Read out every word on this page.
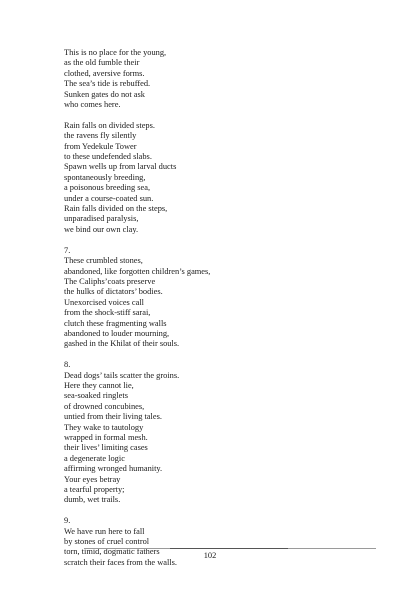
This is no place for the young,
as the old fumble their
clothed, aversive forms.
The sea’s tide is rebuffed.
Sunken gates do not ask
who comes here.
Rain falls on divided steps.
the ravens fly silently
from Yedekule Tower
to these undefended slabs.
Spawn wells up from larval ducts
spontaneously breeding,
a poisonous breeding sea,
under a course-coated sun.
Rain falls divided on the steps,
unparadised paralysis,
we bind our own clay.
7.
These crumbled stones,
abandoned, like forgotten children’s games,
The Caliphs’coats preserve
the hulks of dictators’ bodies.
Unexorcised voices call
from the shock-stiff sarai,
clutch these fragmenting walls
abandoned to louder mourning,
gashed in the Khilat of their souls.
8.
Dead dogs’ tails scatter the groins.
Here they cannot lie,
sea-soaked ringlets
of drowned concubines,
untied from their living tales.
They wake to tautology
wrapped in formal mesh.
their lives’ limiting cases
a degenerate logic
affirming wronged humanity.
Your eyes betray
a tearful property;
dumb, wet trails.
9.
We have run here to fall
by stones of cruel control
torn, timid, dogmatic fathers
scratch their faces from the walls.
102
